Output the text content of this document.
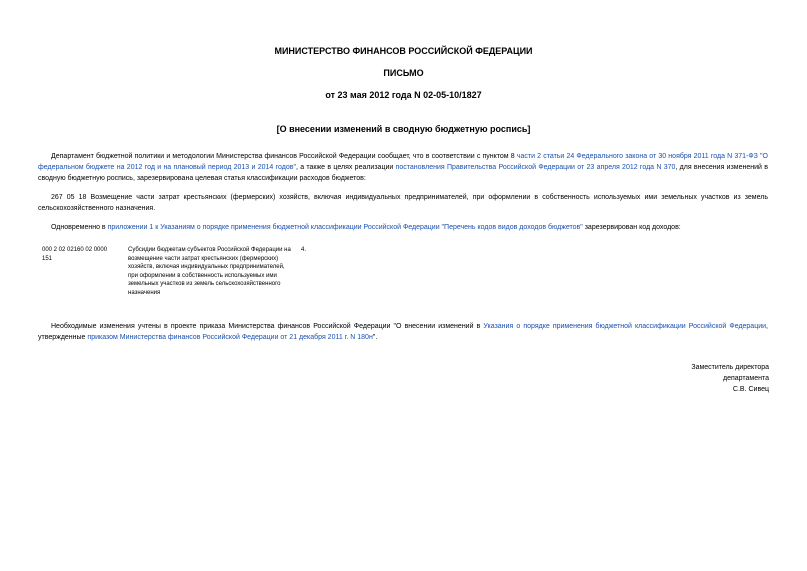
МИНИСТЕРСТВО ФИНАНСОВ РОССИЙСКОЙ ФЕДЕРАЦИИ
ПИСЬМО
от 23 мая 2012 года N 02-05-10/1827
[О внесении изменений в сводную бюджетную роспись]
Департамент бюджетной политики и методологии Министерства финансов Российской Федерации сообщает, что в соответствии с пунктом 8 части 2 статьи 24 Федерального закона от 30 ноября 2011 года N 371-ФЗ "О федеральном бюджете на 2012 год и на плановый период 2013 и 2014 годов", а также в целях реализации постановления Правительства Российской Федерации от 23 апреля 2012 года N 370, для внесения изменений в сводную бюджетную роспись, зарезервирована целевая статья классификации расходов бюджетов:
267 05 18 Возмещение части затрат крестьянских (фермерских) хозяйств, включая индивидуальных предпринимателей, при оформлении в собственность используемых ими земельных участков из земель сельскохозяйственного назначения.
Одновременно в приложении 1 к Указаниям о порядке применения бюджетной классификации Российской Федерации "Перечень кодов видов доходов бюджетов" зарезервирован код доходов:
000 2 02 02160 02 0000 151
Субсидии бюджетам субъектов Российской Федерации на возмещение части затрат крестьянских (фермерских) хозяйств, включая индивидуальных предпринимателей, при оформлении в собственность используемых ими земельных участков из земель сельскохозяйственного назначения
4.
Необходимые изменения учтены в проекте приказа Министерства финансов Российской Федерации "О внесении изменений в Указания о порядке применения бюджетной классификации Российской Федерации, утвержденные приказом Министерства финансов Российской Федерации от 21 декабря 2011 г. N 180н".
Заместитель директора
департамента
С.В. Сивец
